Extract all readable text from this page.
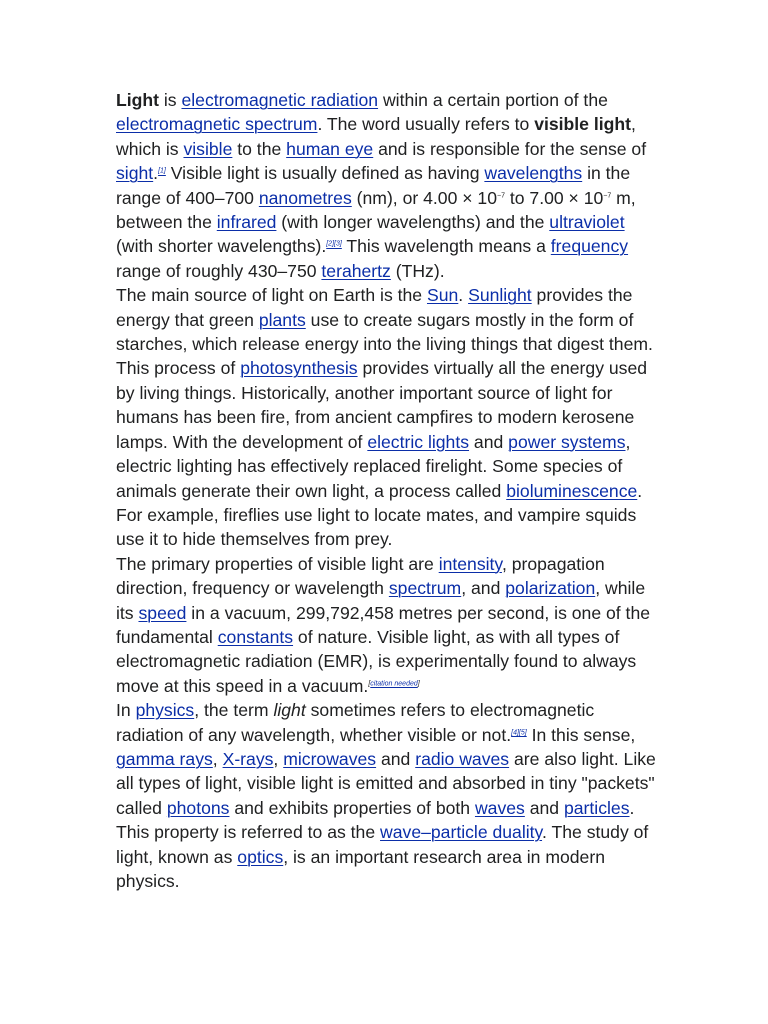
Light is electromagnetic radiation within a certain portion of the electromagnetic spectrum. The word usually refers to visible light, which is visible to the human eye and is responsible for the sense of sight.[1] Visible light is usually defined as having wavelengths in the range of 400–700 nanometres (nm), or $4.00 \times 10^{-7}$ to $7.00 \times 10^{-7}$ m, between the infrared (with longer wavelengths) and the ultraviolet (with shorter wavelengths).[2][3] This wavelength means a frequency range of roughly 430–750 terahertz (THz).

The main source of light on Earth is the Sun. Sunlight provides the energy that green plants use to create sugars mostly in the form of starches, which release energy into the living things that digest them. This process of photosynthesis provides virtually all the energy used by living things. Historically, another important source of light for humans has been fire, from ancient campfires to modern kerosene lamps. With the development of electric lights and power systems, electric lighting has effectively replaced firelight. Some species of animals generate their own light, a process called bioluminescence. For example, fireflies use light to locate mates, and vampire squids use it to hide themselves from prey.

The primary properties of visible light are intensity, propagation direction, frequency or wavelength spectrum, and polarization, while its speed in a vacuum, 299,792,458 metres per second, is one of the fundamental constants of nature. Visible light, as with all types of electromagnetic radiation (EMR), is experimentally found to always move at this speed in a vacuum.[citation needed]

In physics, the term light sometimes refers to electromagnetic radiation of any wavelength, whether visible or not.[4][5] In this sense, gamma rays, X-rays, microwaves and radio waves are also light. Like all types of light, visible light is emitted and absorbed in tiny "packets" called photons and exhibits properties of both waves and particles. This property is referred to as the wave–particle duality. The study of light, known as optics, is an important research area in modern physics.
